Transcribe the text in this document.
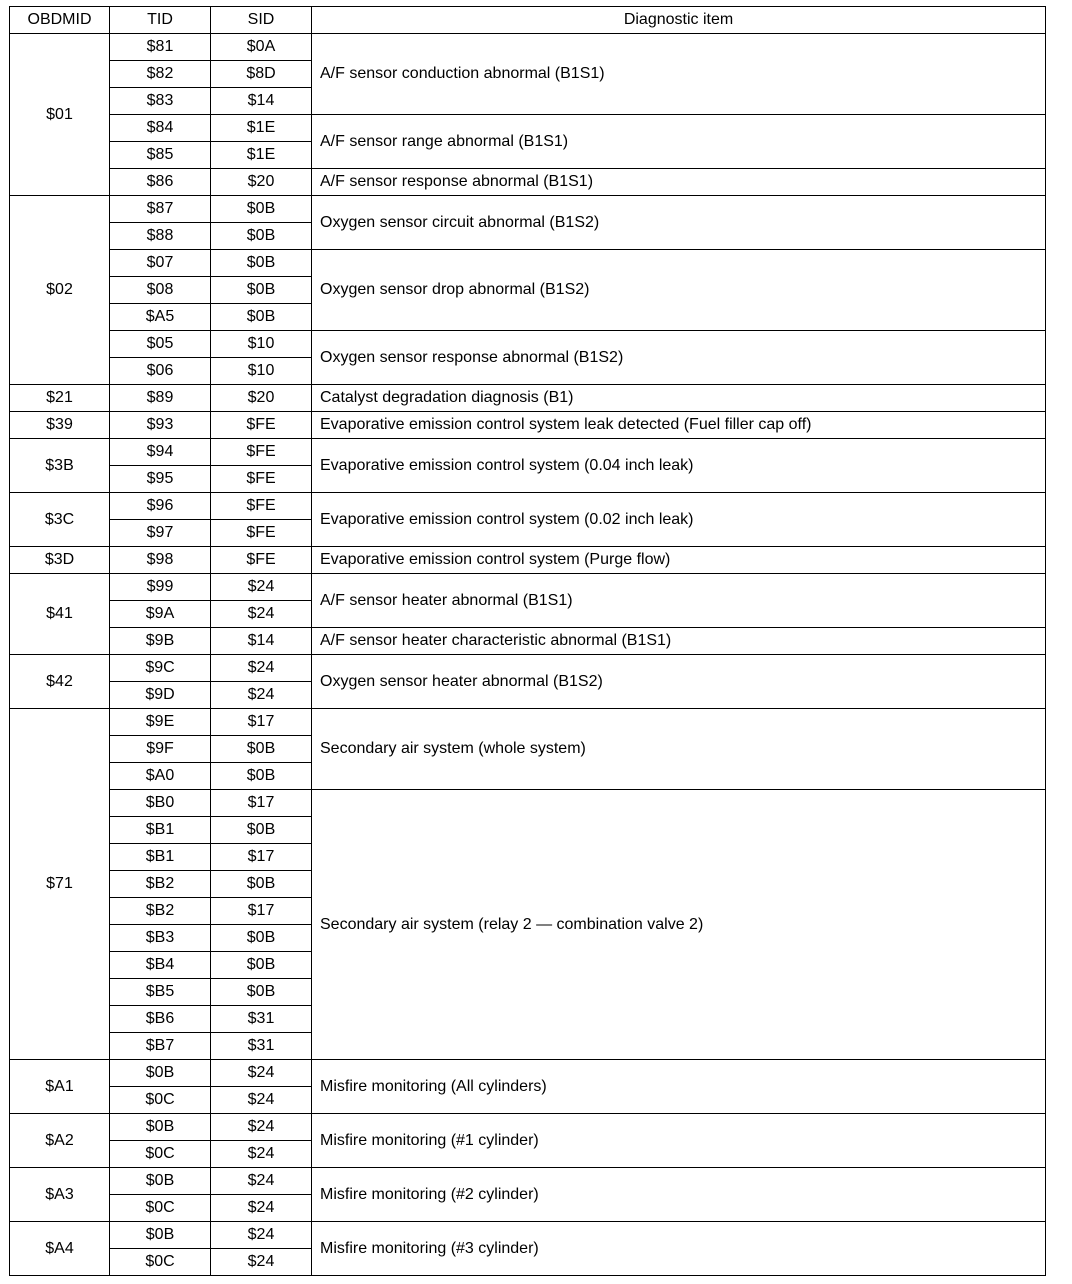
OBDMID	TID	SID	Diagnostic item
$01	$81	$0A	A/F sensor conduction abnormal (B1S1)
	$82	$8D	
	$83	$14	
	$84	$1E	A/F sensor range abnormal (B1S1)
	$85	$1E	
	$86	$20	A/F sensor response abnormal (B1S1)
$02	$87	$0B	Oxygen sensor circuit abnormal (B1S2)
	$88	$0B	
	$07	$0B	Oxygen sensor drop abnormal (B1S2)
	$08	$0B	
	$A5	$0B	
	$05	$10	Oxygen sensor response abnormal (B1S2)
	$06	$10	
$21	$89	$20	Catalyst degradation diagnosis (B1)
$39	$93	$FE	Evaporative emission control system leak detected (Fuel filler cap off)
$3B	$94	$FE	Evaporative emission control system (0.04 inch leak)
	$95	$FE	
$3C	$96	$FE	Evaporative emission control system (0.02 inch leak)
	$97	$FE	
$3D	$98	$FE	Evaporative emission control system (Purge flow)
$41	$99	$24	A/F sensor heater abnormal (B1S1)
	$9A	$24	
	$9B	$14	A/F sensor heater characteristic abnormal (B1S1)
$42	$9C	$24	Oxygen sensor heater abnormal (B1S2)
	$9D	$24	
$71	$9E	$17	Secondary air system (whole system)
	$9F	$0B	
	$A0	$0B	
	$B0	$17	Secondary air system (relay 2 — combination valve 2)
	$B1	$0B	
	$B1	$17	
	$B2	$0B	
	$B2	$17	
	$B3	$0B	
	$B4	$0B	
	$B5	$0B	
	$B6	$31	
	$B7	$31	
$A1	$0B	$24	Misfire monitoring (All cylinders)
	$0C	$24	
$A2	$0B	$24	Misfire monitoring (#1 cylinder)
	$0C	$24	
$A3	$0B	$24	Misfire monitoring (#2 cylinder)
	$0C	$24	
$A4	$0B	$24	Misfire monitoring (#3 cylinder)
	$0C	$24	
